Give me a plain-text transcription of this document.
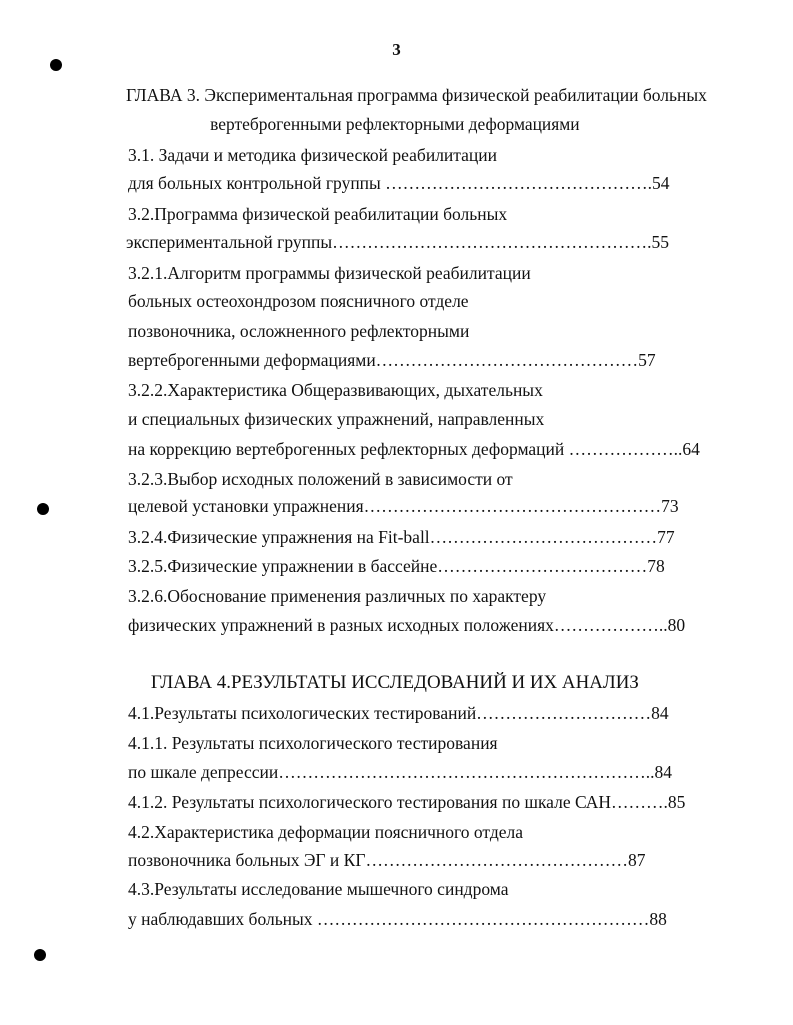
3
ГЛАВА 3. Экспериментальная программа физической реабилитации больных
вертеброгенными рефлекторными деформациями
3.1. Задачи и методика физической реабилитации
для больных контрольной группы ……………………………………….54
3.2.Программа физической реабилитации больных
экспериментальной группы……………………………………………….55
3.2.1.Алгоритм программы физической реабилитации
больных остеохондрозом поясничного отделе
позвоночника, осложненного рефлекторными
вертеброгенными деформациями………………………………………57
3.2.2.Характеристика Общеразвивающих, дыхательных
и специальных физических упражнений, направленных
на коррекцию вертеброгенных рефлекторных деформаций ………………..64
3.2.3.Выбор исходных положений в зависимости от
целевой установки упражнения……………………………………………73
3.2.4.Физические упражнения на Fit-ball…………………………………77
3.2.5.Физические упражнении в бассейне………………………………78
3.2.6.Обоснование применения различных по характеру
физических упражнений в разных исходных положениях………………..80
ГЛАВА 4.РЕЗУЛЬТАТЫ ИССЛЕДОВАНИЙ И ИХ АНАЛИЗ
4.1.Результаты психологических тестирований…………………………84
4.1.1. Результаты психологического тестирования
по шкале депрессии………………………………………………………..84
4.1.2. Результаты психологического тестирования по шкале САН……….85
4.2.Характеристика деформации поясничного отдела
позвоночника больных ЭГ и КГ………………………………………87
4.3.Результаты исследование мышечного синдрома
у наблюдавших больных …………………………………………………88
